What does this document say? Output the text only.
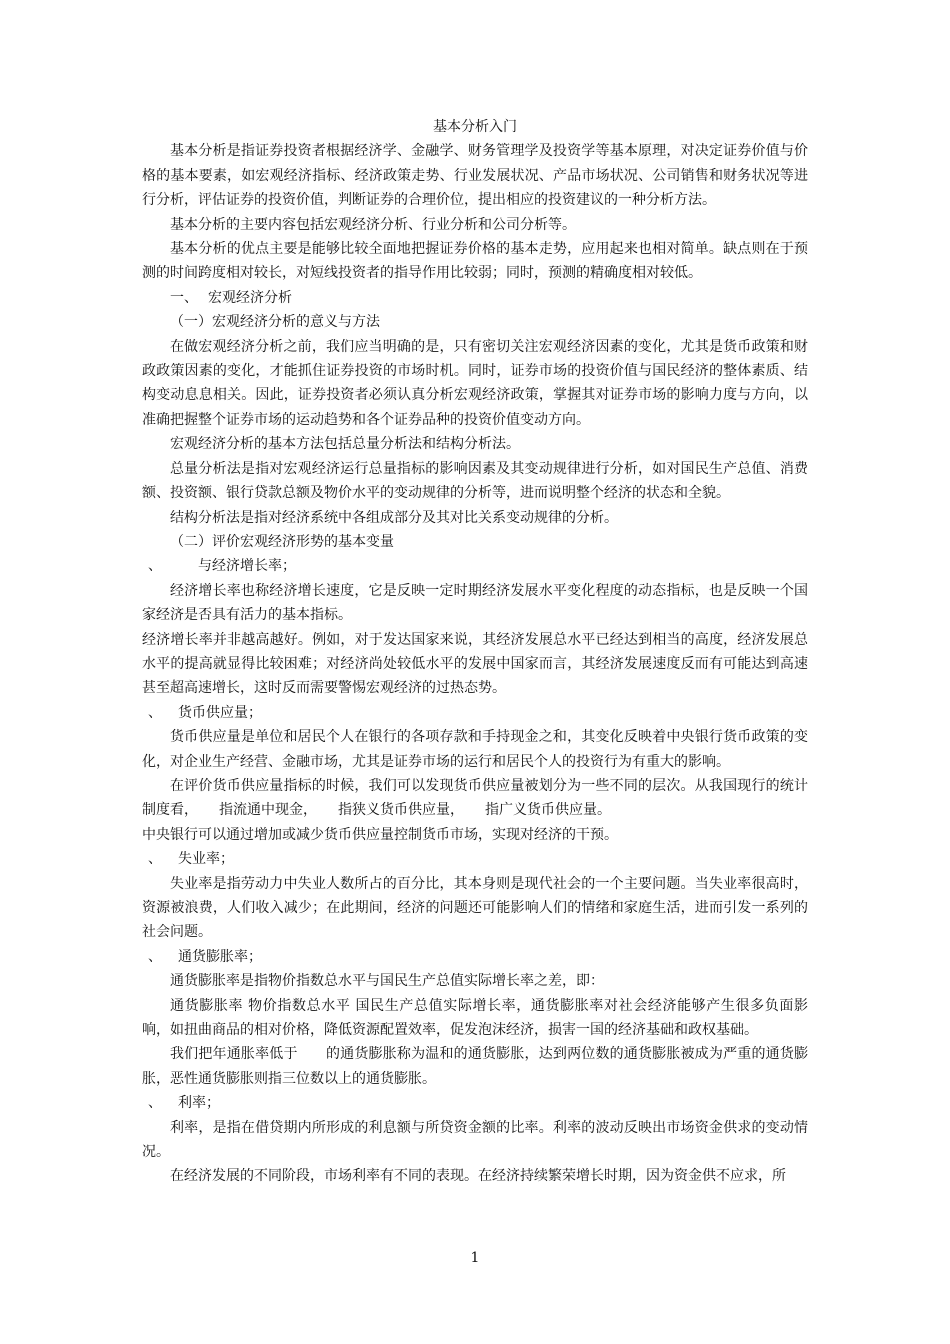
基本分析入门

基本分析是指证券投资者根据经济学、金融学、财务管理学及投资学等基本原理，对决定证券价值与价格的基本要素，如宏观经济指标、经济政策走势、行业发展状况、产品市场状况、公司销售和财务状况等进行分析，评估证券的投资价值，判断证券的合理价位，提出相应的投资建议的一种分析方法。

基本分析的主要内容包括宏观经济分析、行业分析和公司分析等。

基本分析的优点主要是能够比较全面地把握证券价格的基本走势，应用起来也相对简单。缺点则在于预测的时间跨度相对较长，对短线投资者的指导作用比较弱；同时，预测的精确度相对较低。

一、 宏观经济分析

（一）宏观经济分析的意义与方法

在做宏观经济分析之前，我们应当明确的是，只有密切关注宏观经济因素的变化，尤其是货币政策和财政政策因素的变化，才能抓住证券投资的市场时机。同时，证券市场的投资价值与国民经济的整体素质、结构变动息息相关。因此，证券投资者必须认真分析宏观经济政策，掌握其对证券市场的影响力度与方向，以准确把握整个证券市场的运动趋势和各个证券品种的投资价值变动方向。

宏观经济分析的基本方法包括总量分析法和结构分析法。

总量分析法是指对宏观经济运行总量指标的影响因素及其变动规律进行分析，如对国民生产总值、消费额、投资额、银行贷款总额及物价水平的变动规律的分析等，进而说明整个经济的状态和全貌。

结构分析法是指对经济系统中各组成部分及其对比关系变动规律的分析。

（二）评价宏观经济形势的基本变量

、	与经济增长率；

经济增长率也称经济增长速度，它是反映一定时期经济发展水平变化程度的动态指标，也是反映一个国家经济是否具有活力的基本指标。

经济增长率并非越高越好。例如，对于发达国家来说，其经济发展总水平已经达到相当的高度，经济发展总水平的提高就显得比较困难；对经济尚处较低水平的发展中国家而言，其经济发展速度反而有可能达到高速甚至超高速增长，这时反而需要警惕宏观经济的过热态势。

、 货币供应量；

货币供应量是单位和居民个人在银行的各项存款和手持现金之和，其变化反映着中央银行货币政策的变化，对企业生产经营、金融市场，尤其是证券市场的运行和居民个人的投资行为有重大的影响。

在评价货币供应量指标的时候，我们可以发现货币供应量被划分为一些不同的层次。从我国现行的统计制度看，　　指流通中现金，　　指狭义货币供应量，　　指广义货币供应量。

中央银行可以通过增加或减少货币供应量控制货币市场，实现对经济的干预。

、 失业率；

失业率是指劳动力中失业人数所占的百分比，其本身则是现代社会的一个主要问题。当失业率很高时，资源被浪费，人们收入减少；在此期间，经济的问题还可能影响人们的情绪和家庭生活，进而引发一系列的社会问题。

、 通货膨胀率；

通货膨胀率是指物价指数总水平与国民生产总值实际增长率之差，即：

通货膨胀率 物价指数总水平 国民生产总值实际增长率，通货膨胀率对社会经济能够产生很多负面影响，如扭曲商品的相对价格，降低资源配置效率，促发泡沫经济，损害一国的经济基础和政权基础。

我们把年通胀率低于　　的通货膨胀称为温和的通货膨胀，达到两位数的通货膨胀被成为严重的通货膨胀，恶性通货膨胀则指三位数以上的通货膨胀。

、 利率；

利率，是指在借贷期内所形成的利息额与所贷资金额的比率。利率的波动反映出市场资金供求的变动情况。

在经济发展的不同阶段，市场利率有不同的表现。在经济持续繁荣增长时期，因为资金供不应求，所

1
